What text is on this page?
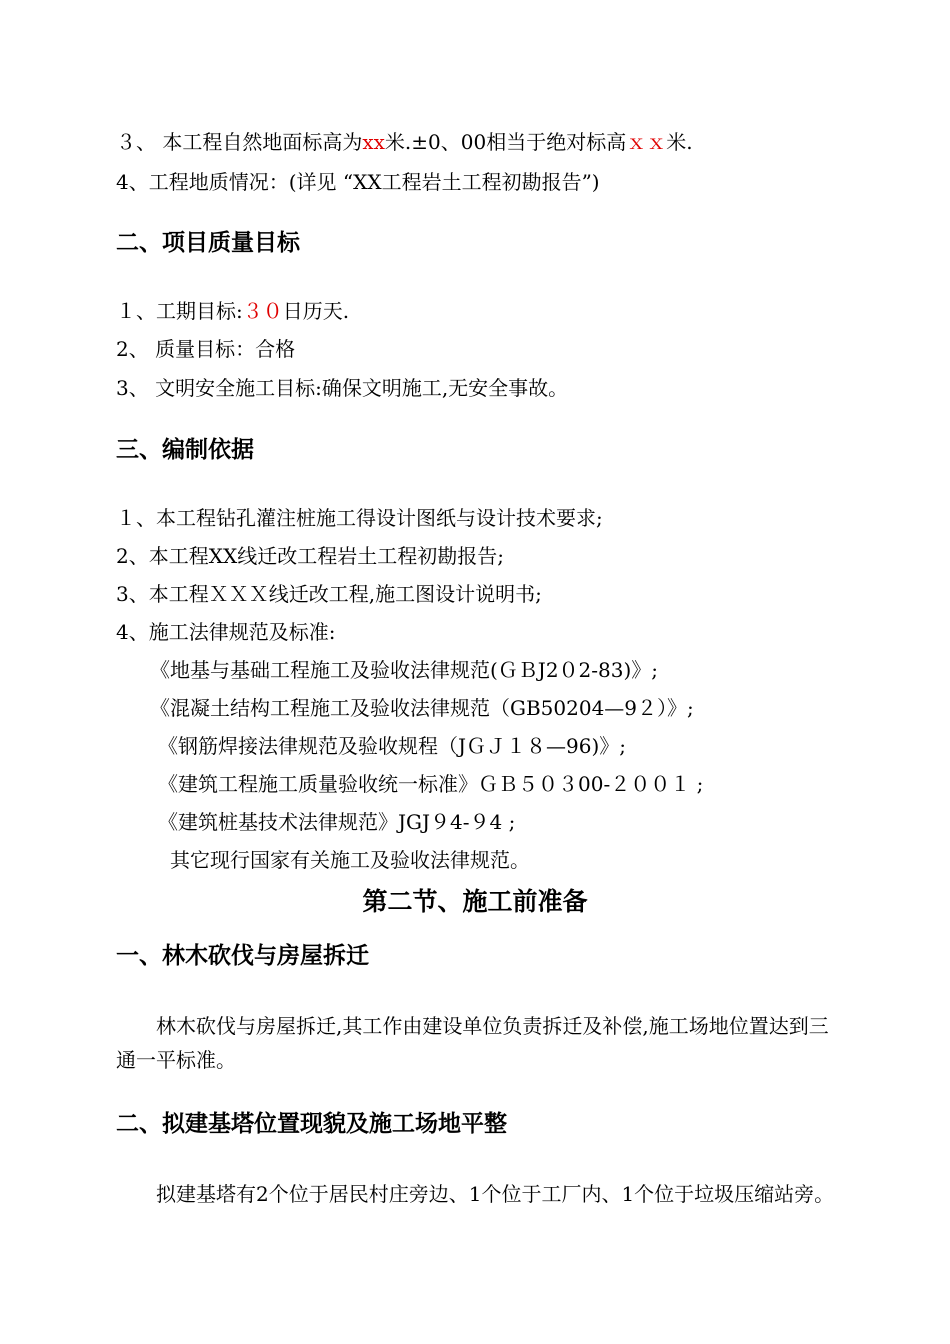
３、 本工程自然地面标高为xx米.±0、00相当于绝对标高ｘｘ米.
4、工程地质情况：(详见 “XX工程岩土工程初勘报告”)
二、项目质量目标
１、工期目标:３０日历天.
2、 质量目标：合格
3、 文明安全施工目标:确保文明施工,无安全事故。
三、编制依据
１、本工程钻孔灌注桩施工得设计图纸与设计技术要求;
2、本工程XX线迁改工程岩土工程初勘报告;
3、本工程ＸＸＸ线迁改工程,施工图设计说明书;
4、施工法律规范及标准:
《地基与基础工程施工及验收法律规范(ＧＢJ2０2-83)》;
《混凝土结构工程施工及验收法律规范（GB50204—9２）》;
《钢筋焊接法律规范及验收规程（JＧＪ１８—96)》;
《建筑工程施工质量验收统一标准》ＧＢ５０３00-２００１ ;
《建筑桩基技术法律规范》JGJ９4-９4 ;
其它现行国家有关施工及验收法律规范。
第二节、施工前准备
一、林木砍伐与房屋拆迁
林木砍伐与房屋拆迁,其工作由建设单位负责拆迁及补偿,施工场地位置达到三通一平标准。
二、拟建基塔位置现貌及施工场地平整
拟建基塔有2个位于居民村庄旁边、1个位于工厂内、1个位于垃圾压缩站旁。
